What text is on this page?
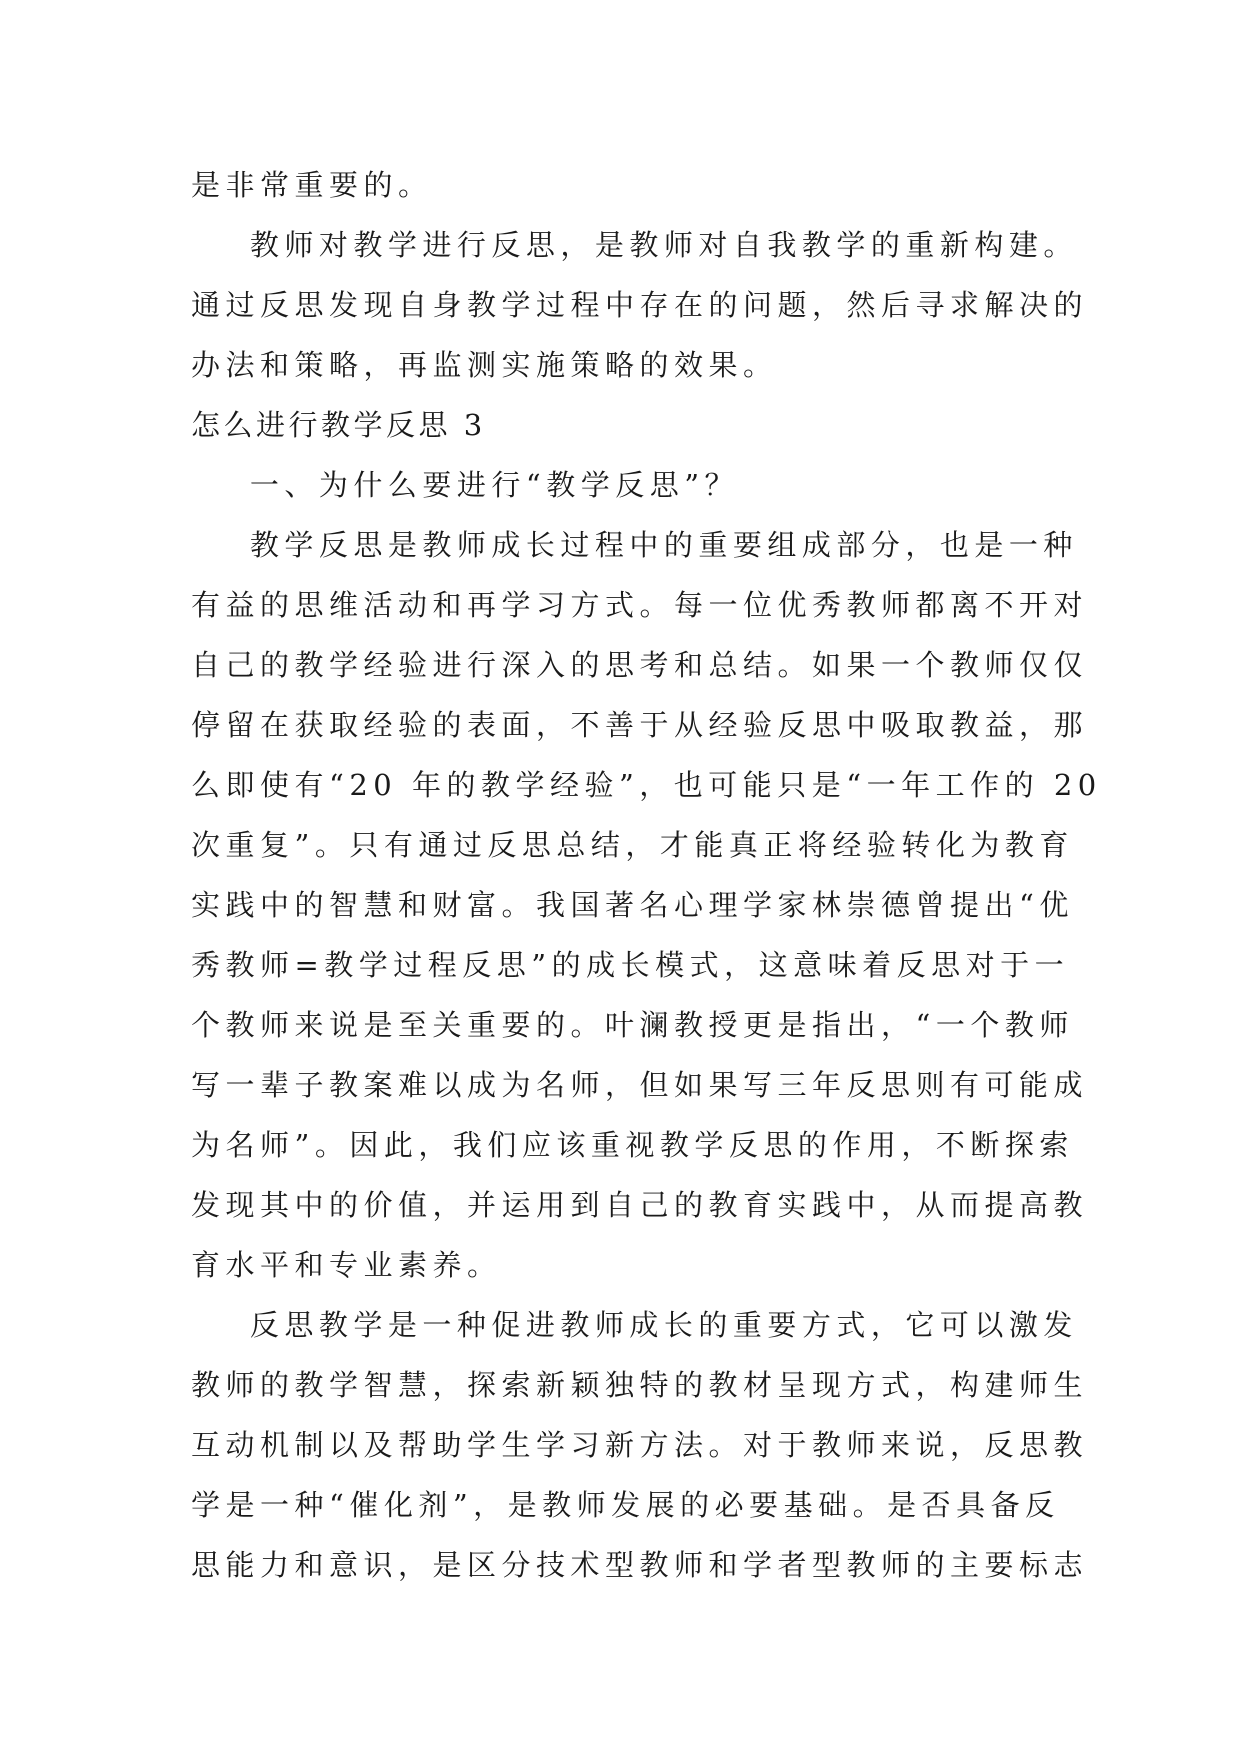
是非常重要的。
教师对教学进行反思，是教师对自我教学的重新构建。
通过反思发现自身教学过程中存在的问题，然后寻求解决的
办法和策略，再监测实施策略的效果。
怎么进行教学反思 3
一、为什么要进行“教学反思”？
教学反思是教师成长过程中的重要组成部分，也是一种
有益的思维活动和再学习方式。每一位优秀教师都离不开对
自己的教学经验进行深入的思考和总结。如果一个教师仅仅
停留在获取经验的表面，不善于从经验反思中吸取教益，那
么即使有“20 年的教学经验”，也可能只是“一年工作的 20
次重复”。只有通过反思总结，才能真正将经验转化为教育
实践中的智慧和财富。我国著名心理学家林崇德曾提出“优
秀教师=教学过程反思”的成长模式，这意味着反思对于一
个教师来说是至关重要的。叶澜教授更是指出，“一个教师
写一辈子教案难以成为名师，但如果写三年反思则有可能成
为名师”。因此，我们应该重视教学反思的作用，不断探索
发现其中的价值，并运用到自己的教育实践中，从而提高教
育水平和专业素养。
反思教学是一种促进教师成长的重要方式，它可以激发
教师的教学智慧，探索新颖独特的教材呈现方式，构建师生
互动机制以及帮助学生学习新方法。对于教师来说，反思教
学是一种“催化剂”，是教师发展的必要基础。是否具备反
思能力和意识，是区分技术型教师和学者型教师的主要标志
